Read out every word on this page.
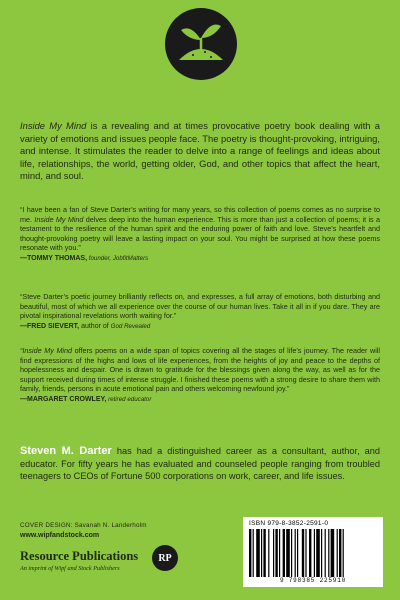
Inside My Mind is a revealing and at times provocative poetry book dealing with a variety of emotions and issues people face. The poetry is thought-provoking, intriguing, and intense. It stimulates the reader to delve into a range of feelings and ideas about life, relationships, the world, getting older, God, and other topics that affect the heart, mind, and soul.

“I have been a fan of Steve Darter’s writing for many years, so this collection of poems comes as no surprise to me. Inside My Mind delves deep into the human experience. This is more than just a collection of poems; it is a testament to the resilience of the human spirit and the enduring power of faith and love. Steve’s heartfelt and thought-provoking poetry will leave a lasting impact on your soul. You might be surprised at how these poems resonate with you.”

—TOMMY THOMAS, founder, JobfitMatters

“Steve Darter’s poetic journey brilliantly reflects on, and expresses, a full array of emotions, both disturbing and beautiful, most of which we all experience over the course of our human lives. Take it all in if you dare. They are pivotal inspirational revelations worth waiting for.”

—FRED SIEVERT, author of God Revealed

“Inside My Mind offers poems on a wide span of topics covering all the stages of life’s journey. The reader will find expressions of the highs and lows of life experiences, from the heights of joy and peace to the depths of hopelessness and despair. One is drawn to gratitude for the blessings given along the way, as well as for the support received during times of intense struggle. I finished these poems with a strong desire to share them with family, friends, persons in acute emotional pain and others welcoming newfound joy.”

—MARGARET CROWLEY, retired educator

Steven M. Darter has had a distinguished career as a consultant, author, and educator. For fifty years he has evaluated and counseled people ranging from troubled teenagers to CEOs of Fortune 500 corporations on work, career, and life issues.

COVER DESIGN: Savanah N. Landerholm
www.wipfandstock.com
Resource Publications
An imprint of Wipf and Stock Publishers
RP
ISBN 979-8-3852-2591-0
9 798385 225910
